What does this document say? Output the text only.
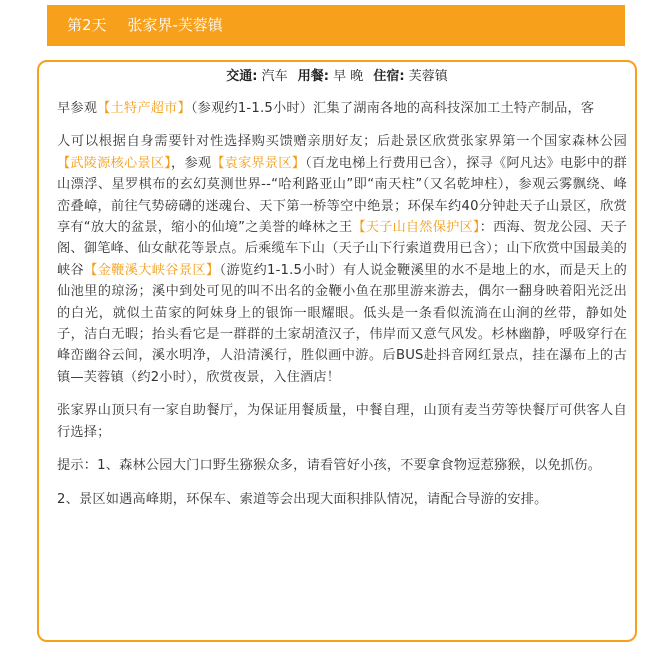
第2天 张家界-芙蓉镇
交通: 汽车 用餐: 早 晚 住宿: 芙蓉镇

早参观【土特产超市】（参观约1-1.5小时）汇集了湖南各地的高科技深加工土特产制品，客

人可以根据自身需要针对性选择购买馈赠亲朋好友；后赴景区欣赏张家界第一个国家森林公园【武陵源核心景区】，参观【袁家界景区】（百龙电梯上行费用已含），探寻《阿凡达》电影中的群山漂浮、星罗棋布的玄幻莫测世界--“哈利路亚山”即“南天柱”（又名乾坤柱），参观云雾飘绕、峰峦叠嶂，前往气势磅礴的迷魂台、天下第一桥等空中绝景；环保车约40分钟赴天子山景区，欣赏享有“放大的盆景，缩小的仙境”之美誉的峰林之王【天子山自然保护区】：西海、贺龙公园、天子阁、御笔峰、仙女献花等景点。后乘缆车下山（天子山下行索道费用已含）；山下欣赏中国最美的峡谷【金鞭溪大峡谷景区】（游览约1-1.5小时）有人说金鞭溪里的水不是地上的水，而是天上的仙池里的琼汤；溪中到处可见的叫不出名的金鞭小鱼在那里游来游去，偶尔一翻身映着阳光泛出的白光，就似土苗家的阿妹身上的银饰一眼耀眼。低头是一条看似流淌在山涧的丝带，静如处子，洁白无暇；抬头看它是一群群的土家胡渣汉子，伟岸而又意气风发。杉林幽静，呼吸穿行在峰峦幽谷云间，溪水明净，人沿清溪行，胜似画中游。后BUS赴抖音网红景点，挂在瀑布上的古镇—芙蓉镇（约2小时），欣赏夜景，入住酒店！

张家界山顶只有一家自助餐厅，为保证用餐质量，中餐自理，山顶有麦当劳等快餐厅可供客人自行选择；

提示：1、森林公园大门口野生猕猴众多，请看管好小孩，不要拿食物逗惹猕猴，以免抓伤。

2、景区如遇高峰期，环保车、索道等会出现大面积排队情况，请配合导游的安排。
